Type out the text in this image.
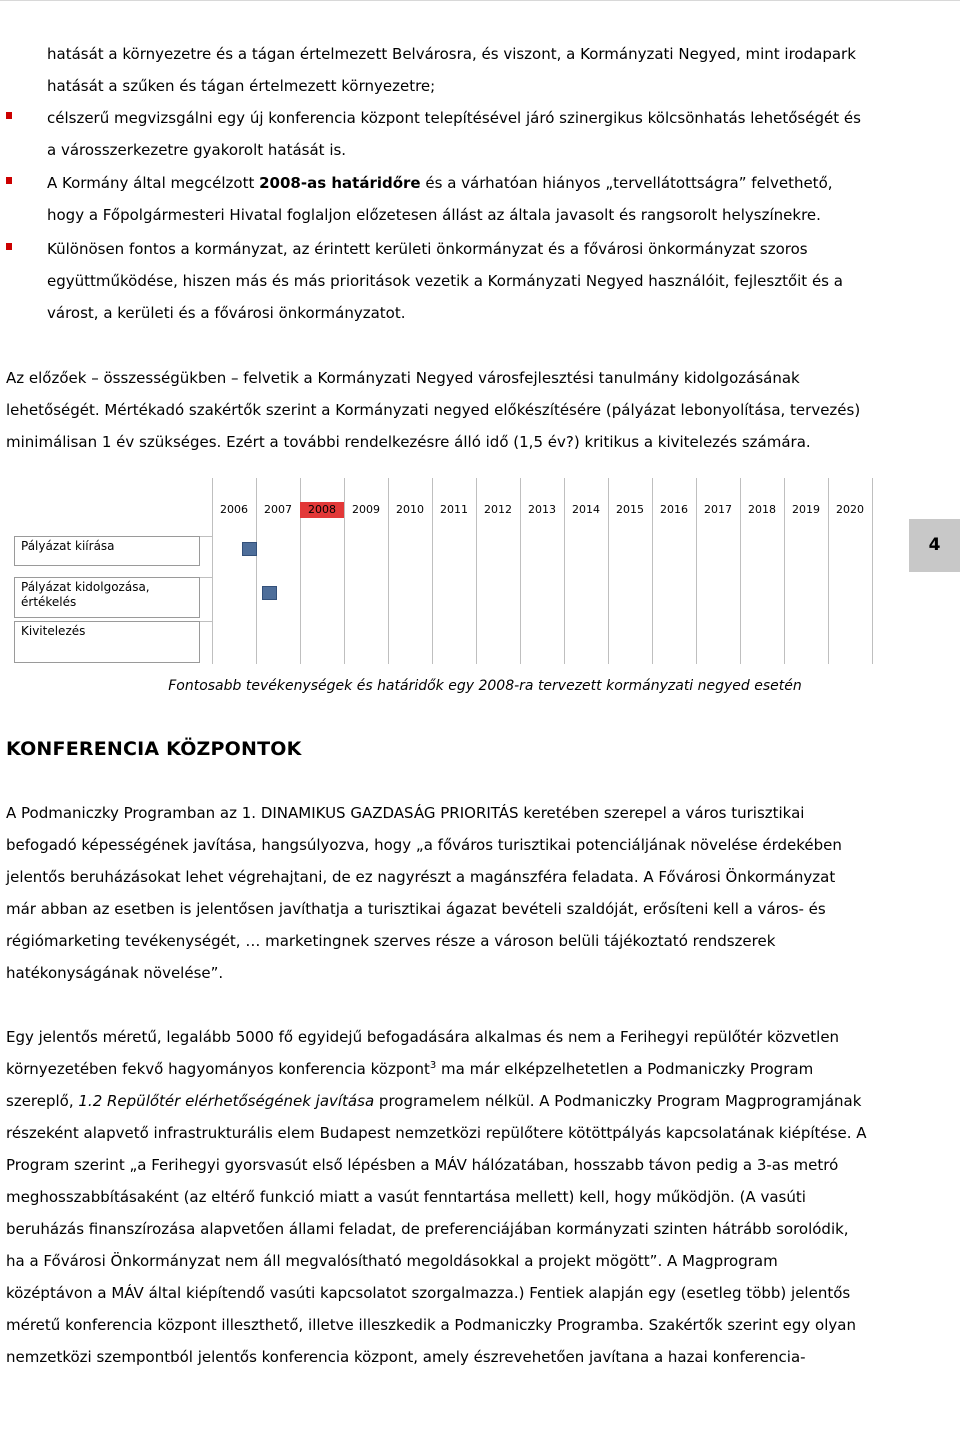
hatását a környezetre és a tágan értelmezett Belvárosra, és viszont, a Kormányzati Negyed, mint irodapark
hatását a szűken és tágan értelmezett környezetre;
célszerű megvizsgálni egy új konferencia központ telepítésével járó szinergikus kölcsönhatás lehetőségét és
a városszerkezetre gyakorolt hatását is.
A Kormány által megcélzott 2008-as határidőre és a várhatóan hiányos „tervellátottságra” felvethető,
hogy a Főpolgármesteri Hivatal foglaljon előzetesen állást az általa javasolt és rangsorolt helyszínekre.
Különösen fontos a kormányzat, az érintett kerületi önkormányzat és a fővárosi önkormányzat szoros
együttműködése, hiszen más és más prioritások vezetik a Kormányzati Negyed használóit, fejlesztőit és a
várost, a kerületi és a fővárosi önkormányzatot.
Az előzőek – összességükben – felvetik a Kormányzati Negyed városfejlesztési tanulmány kidolgozásának
lehetőségét. Mértékadó szakértők szerint a Kormányzati negyed előkészítésére (pályázat lebonyolítása, tervezés)
minimálisan 1 év szükséges. Ezért a további rendelkezésre álló idő (1,5 év?) kritikus a kivitelezés számára.
2006	2007	2008	2009	2010	2011	2012	2013	2014	2015	2016	2017	2018	2019	2020
Pályázat kiírása
Pályázat kidolgozása,
értékelés
Kivitelezés
Fontosabb tevékenységek és határidők egy 2008-ra tervezett kormányzati negyed esetén
4
KONFERENCIA KÖZPONTOK
A Podmaniczky Programban az 1. DINAMIKUS GAZDASÁG PRIORITÁS keretében szerepel a város turisztikai
befogadó képességének javítása, hangsúlyozva, hogy „a főváros turisztikai potenciáljának növelése érdekében
jelentős beruházásokat lehet végrehajtani, de ez nagyrészt a magánszféra feladata. A Fővárosi Önkormányzat
már abban az esetben is jelentősen javíthatja a turisztikai ágazat bevételi szaldóját, erősíteni kell a város- és
régiómarketing tevékenységét, … marketingnek szerves része a városon belüli tájékoztató rendszerek
hatékonyságának növelése”.
Egy jelentős méretű, legalább 5000 fő egyidejű befogadására alkalmas és nem a Ferihegyi repülőtér közvetlen
környezetében fekvő hagyományos konferencia központ$^3$ ma már elképzelhetetlen a Podmaniczky Program
szereplő, 1.2 Repülőtér elérhetőségének javítása programelem nélkül. A Podmaniczky Program Magprogramjának
részeként alapvető infrastrukturális elem Budapest nemzetközi repülőtere kötöttpályás kapcsolatának kiépítése. A
Program szerint „a Ferihegyi gyorsvasút első lépésben a MÁV hálózatában, hosszabb távon pedig a 3-as metró
meghosszabbításaként (az eltérő funkció miatt a vasút fenntartása mellett) kell, hogy működjön. (A vasúti
beruházás finanszírozása alapvetően állami feladat, de preferenciájában kormányzati szinten hátrább sorolódik,
ha a Fővárosi Önkormányzat nem áll megvalósítható megoldásokkal a projekt mögött”. A Magprogram
középtávon a MÁV által kiépítendő vasúti kapcsolatot szorgalmazza.) Fentiek alapján egy (esetleg több) jelentős
méretű konferencia központ illeszthető, illetve illeszkedik a Podmaniczky Programba. Szakértők szerint egy olyan
nemzetközi szempontból jelentős konferencia központ, amely észrevehetően javítana a hazai konferencia-
